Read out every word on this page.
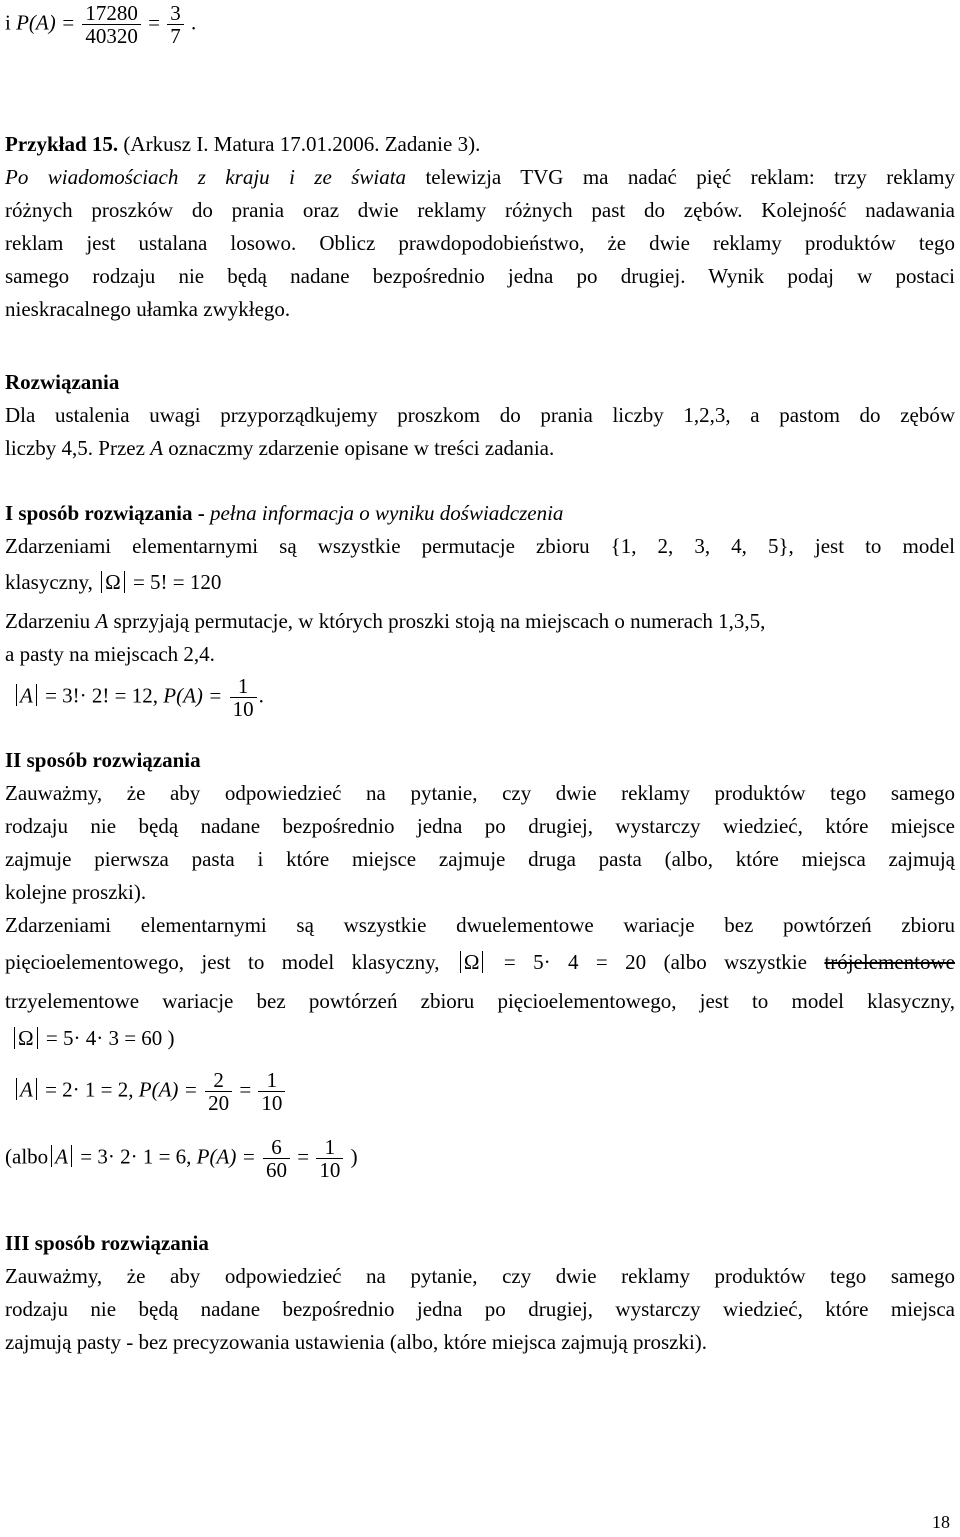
i $P(A) = \frac{17280}{40320} = \frac{3}{7}$ .
Przykład 15. (Arkusz I. Matura 17.01.2006. Zadanie 3).
Po wiadomościach z kraju i ze świata telewizja TVG ma nadać pięć reklam: trzy reklamy
różnych proszków do prania oraz dwie reklamy różnych past do zębów. Kolejność nadawania
reklam jest ustalana losowo. Oblicz prawdopodobieństwo, że dwie reklamy produktów tego
samego rodzaju nie będą nadane bezpośrednio jedna po drugiej. Wynik podaj w postaci
nieskracalnego ułamka zwykłego.
Rozwiązania
Dla ustalenia uwagi przyporządkujemy proszkom do prania liczby 1,2,3, a pastom do zębów
liczby 4,5. Przez A oznaczmy zdarzenie opisane w treści zadania.
I sposób rozwiązania - pełna informacja o wyniku doświadczenia
Zdarzeniami elementarnymi są wszystkie permutacje zbioru {1, 2, 3, 4, 5}, jest to model
klasyczny, Ω = 5! = 120
Zdarzeniu A sprzyjają permutacje, w których proszki stoją na miejscach o numerach 1,3,5,
a pasty na miejscach 2,4.
A = 3!· 2! = 12, $P(A) = \frac{1}{10}$ .
II sposób rozwiązania
Zauważmy, że aby odpowiedzieć na pytanie, czy dwie reklamy produktów tego samego
rodzaju nie będą nadane bezpośrednio jedna po drugiej, wystarczy wiedzieć, które miejsce
zajmuje pierwsza pasta i które miejsce zajmuje druga pasta (albo, które miejsca zajmują
kolejne proszki).
Zdarzeniami elementarnymi są wszystkie dwuelementowe wariacje bez powtórzeń zbioru
pięcioelementowego, jest to model klasyczny, Ω = 5· 4 = 20 (albo wszystkie trójelementowe
trzyelementowe wariacje bez powtórzeń zbioru pięcioelementowego, jest to model klasyczny,
Ω = 5· 4· 3 = 60 )
A = 2· 1 = 2, $P(A) = \frac{2}{20} = \frac{1}{10}$
(albo A = 3· 2· 1 = 6, $P(A) = \frac{6}{60} = \frac{1}{10}$ )
III sposób rozwiązania
Zauważmy, że aby odpowiedzieć na pytanie, czy dwie reklamy produktów tego samego
rodzaju nie będą nadane bezpośrednio jedna po drugiej, wystarczy wiedzieć, które miejsca
zajmują pasty - bez precyzowania ustawienia (albo, które miejsca zajmują proszki).
18
